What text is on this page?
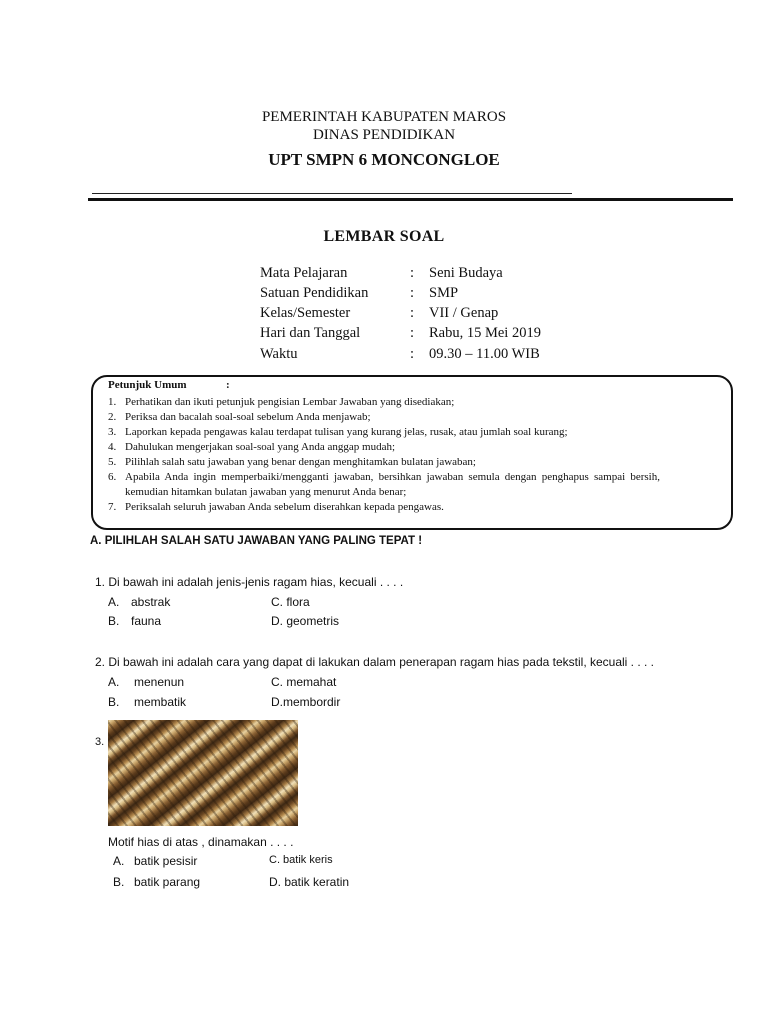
PEMERINTAH KABUPATEN MAROS
DINAS PENDIDIKAN
UPT SMPN 6 MONCONGLOE
LEMBAR SOAL
Mata Pelajaran	: Seni Budaya
Satuan Pendidikan	: SMP
Kelas/Semester	: VII / Genap
Hari dan Tanggal	: Rabu, 15 Mei 2019
Waktu	: 09.30 – 11.00 WIB
Petunjuk Umum	:
1. Perhatikan dan ikuti petunjuk pengisian Lembar Jawaban yang disediakan;
2. Periksa dan bacalah soal-soal sebelum Anda menjawab;
3. Laporkan kepada pengawas kalau terdapat tulisan yang kurang jelas, rusak, atau jumlah soal kurang;
4. Dahulukan mengerjakan soal-soal yang Anda anggap mudah;
5. Pilihlah salah satu jawaban yang benar dengan menghitamkan bulatan jawaban;
6. Apabila Anda ingin memperbaiki/mengganti jawaban, bersihkan jawaban semula dengan penghapus sampai bersih, kemudian hitamkan bulatan jawaban yang menurut Anda benar;
7. Periksalah seluruh jawaban Anda sebelum diserahkan kepada pengawas.
A. PILIHLAH SALAH SATU JAWABAN YANG PALING TEPAT !
1. Di bawah ini adalah jenis-jenis ragam hias, kecuali . . . .
A. abstrak	C. flora
B. fauna	D. geometris
2. Di bawah ini adalah cara yang dapat di lakukan dalam penerapan ragam hias pada tekstil, kecuali . . . .
A. menenun	C. memahat
B. membatik	D.membordir
3.
Motif hias di atas , dinamakan . . . .
A. batik pesisir	C. batik keris
B. batik parang	D. batik keratin
